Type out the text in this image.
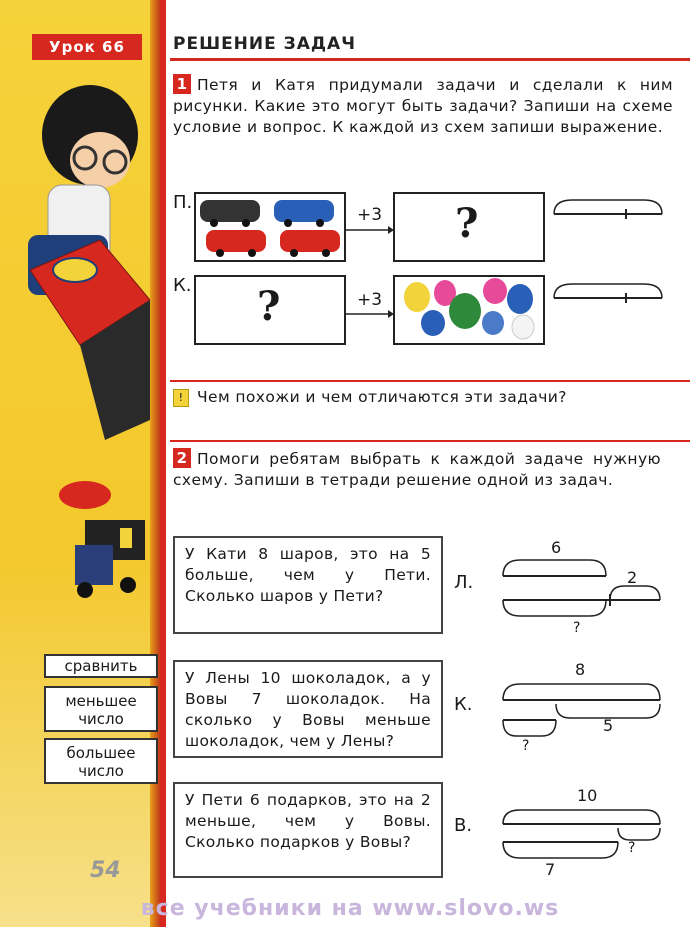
Урок 66	РЕШЕНИЕ ЗАДАЧ
1 Петя и Катя придумали задачи и сделали к ним рисунки. Какие это могут быть задачи? Запиши на схеме условие и вопрос. К каждой из схем запиши выражение.
П.
+3 ?
К. ?	+3
! Чем похожи и чем отличаются эти задачи?
2 Помоги ребятам выбрать к каждой задаче нужную схему. Запиши в тетради решение одной из задач.
У Кати 8 шаров, это на 5 больше, чем у Пети. Сколько шаров у Пети?
Л.
6
2
?
У Лены 10 шоколадок, а у Вовы 7 шоколадок. На сколько у Вовы меньше шоколадок, чем у Лены?
К.
8
5
?
У Пети 6 подарков, это на 2 меньше, чем у Вовы. Сколько подарков у Вовы?
В.
10
?
7
сравнить
меньшее число
большее число
54
все учебники на www.slovo.ws
